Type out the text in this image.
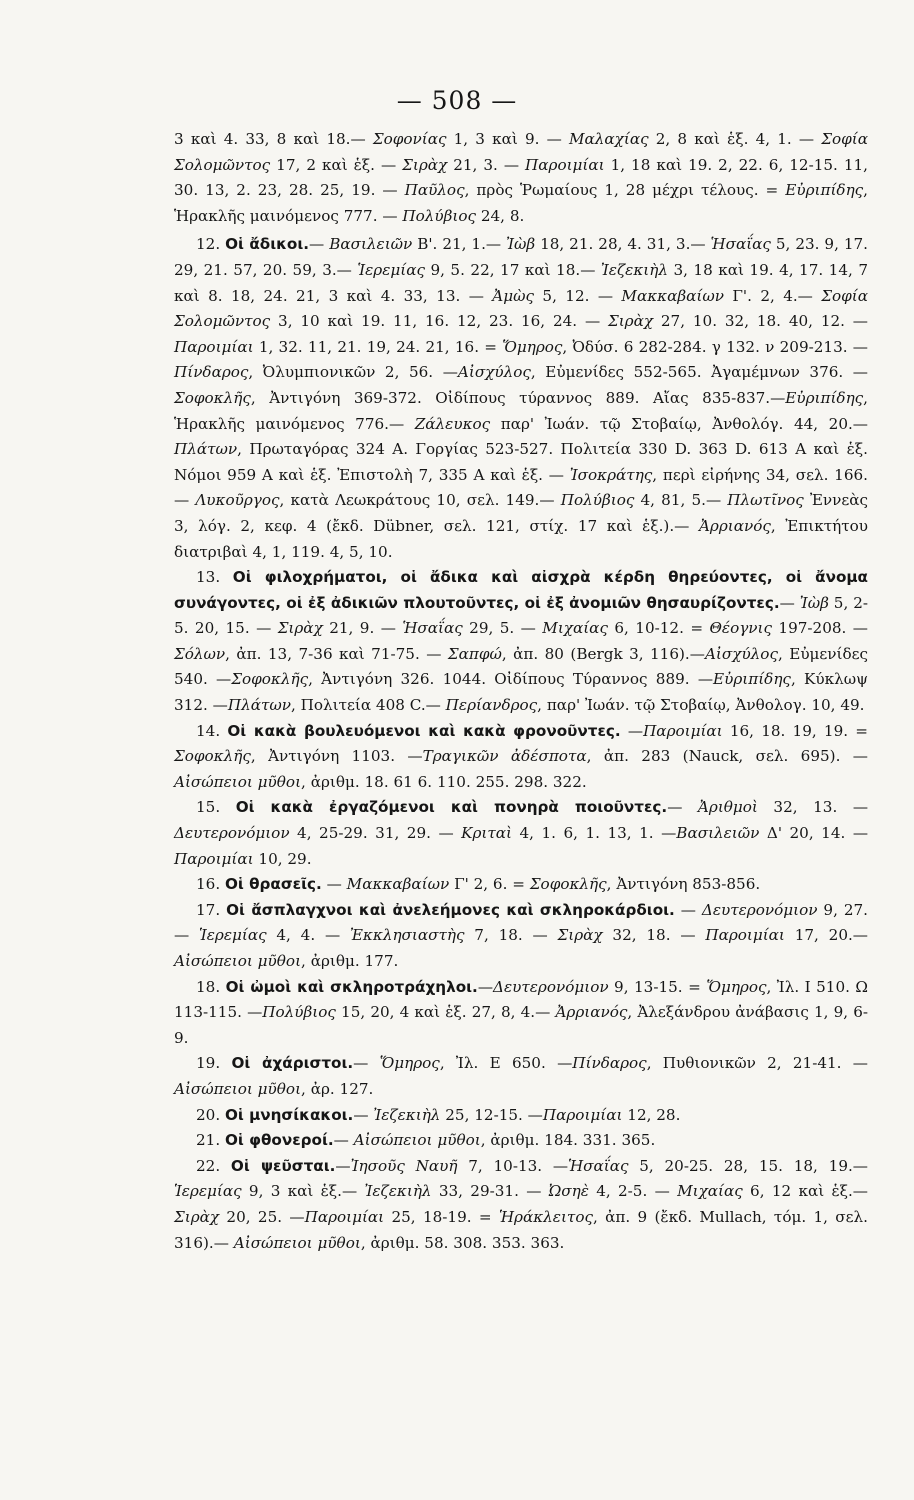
— 508 —

3 καὶ 4. 33, 8 καὶ 18.— Σοφονίας 1, 3 καὶ 9. — Μαλαχίας 2, 8 καὶ ἑξ. 4, 1. — Σοφία Σολομῶντος 17, 2 καὶ ἑξ. — Σιρὰχ 21, 3. — Παροιμίαι 1, 18 καὶ 19. 2, 22. 6, 12-15. 11, 30. 13, 2. 23, 28. 25, 19. — Παῦλος, πρὸς Ῥωμαίους 1, 28 μέχρι τέλους. = Εὐριπίδης, Ἡρακλῆς μαινόμενος 777. — Πολύβιος 24, 8.

12. Οἱ ἄδικοι.— Βασιλειῶν Β'. 21, 1.— Ἰὼβ 18, 21. 28, 4. 31, 3.— Ἡσαΐας 5, 23. 9, 17. 29, 21. 57, 20. 59, 3.— Ἱερεμίας 9, 5. 22, 17 καὶ 18.— Ἰεζεκιὴλ 3, 18 καὶ 19. 4, 17. 14, 7 καὶ 8. 18, 24. 21, 3 καὶ 4. 33, 13. — Ἀμὼς 5, 12. — Μακκαβαίων Γ'. 2, 4.— Σοφία Σολομῶντος 3, 10 καὶ 19. 11, 16. 12, 23. 16, 24. — Σιρὰχ 27, 10. 32, 18. 40, 12. — Παροιμίαι 1, 32. 11, 21. 19, 24. 21, 16. = Ὅμηρος, Ὀδύσ. 6 282-284. γ 132. ν 209-213. — Πίνδαρος, Ὀλυμπιονικῶν 2, 56. —Αἰσχύλος, Εὐμενίδες 552-565. Ἀγαμέμνων 376. — Σοφοκλῆς, Ἀντιγόνη 369-372. Οἰδίπους τύραννος 889. Αἴας 835-837.—Εὐριπίδης, Ἡρακλῆς μαινόμενος 776.— Ζάλευκος παρ' Ἰωάν. τῷ Στοβαίῳ, Ἀνθολόγ. 44, 20.—Πλάτων, Πρωταγόρας 324 A. Γοργίας 523-527. Πολιτεία 330 D. 363 D. 613 A καὶ ἑξ. Νόμοι 959 A καὶ ἑξ. Ἐπιστολὴ 7, 335 A καὶ ἑξ. — Ἰσοκράτης, περὶ εἰρήνης 34, σελ. 166. — Λυκοῦργος, κατὰ Λεωκράτους 10, σελ. 149.— Πολύβιος 4, 81, 5.— Πλωτῖνος Ἐννεὰς 3, λόγ. 2, κεφ. 4 (ἔκδ. Dübner, σελ. 121, στίχ. 17 καὶ ἑξ.).— Ἀρριανός, Ἐπικτήτου διατριβαὶ 4, 1, 119. 4, 5, 10.

13. Οἱ φιλοχρήματοι, οἱ ἄδικα καὶ αἰσχρὰ κέρδη θηρεύοντες, οἱ ἄνομα συνάγοντες, οἱ ἐξ ἀδικιῶν πλουτοῦντες, οἱ ἐξ ἀνομιῶν θησαυρίζοντες.— Ἰὼβ 5, 2-5. 20, 15. — Σιρὰχ 21, 9. — Ἡσαΐας 29, 5. — Μιχαίας 6, 10-12. = Θέογνις 197-208. —Σόλων, ἀπ. 13, 7-36 καὶ 71-75. — Σαπφώ, ἀπ. 80 (Bergk 3, 116).—Αἰσχύλος, Εὐμενίδες 540. —Σοφοκλῆς, Ἀντιγόνη 326. 1044. Οἰδίπους Τύραννος 889. —Εὐριπίδης, Κύκλωψ 312. —Πλάτων, Πολιτεία 408 C.— Περίανδρος, παρ' Ἰωάν. τῷ Στοβαίῳ, Ἀνθολογ. 10, 49.

14. Οἱ κακὰ βουλευόμενοι καὶ κακὰ φρονοῦντες. —Παροιμίαι 16, 18. 19, 19. = Σοφοκλῆς, Ἀντιγόνη 1103. —Τραγικῶν ἀδέσποτα, ἀπ. 283 (Nauck, σελ. 695). — Αἰσώπειοι μῦθοι, ἀριθμ. 18. 61 6. 110. 255. 298. 322.

15. Οἱ κακὰ ἐργαζόμενοι καὶ πονηρὰ ποιοῦντες.— Ἀριθμοὶ 32, 13. —Δευτερονόμιον 4, 25-29. 31, 29. — Κριταὶ 4, 1. 6, 1. 13, 1. —Βασιλειῶν Δ' 20, 14. —Παροιμίαι 10, 29.

16. Οἱ θρασεῖς. — Μακκαβαίων Γ' 2, 6. = Σοφοκλῆς, Ἀντιγόνη 853-856.

17. Οἱ ἄσπλαγχνοι καὶ ἀνελεήμονες καὶ σκληροκάρδιοι. — Δευτερονόμιον 9, 27. — Ἱερεμίας 4, 4. — Ἐκκλησιαστὴς 7, 18. — Σιρὰχ 32, 18. — Παροιμίαι 17, 20.— Αἰσώπειοι μῦθοι, ἀριθμ. 177.

18. Οἱ ὠμοὶ καὶ σκληροτράχηλοι.—Δευτερονόμιον 9, 13-15. = Ὅμηρος, Ἰλ. I 510. Ω 113-115. —Πολύβιος 15, 20, 4 καὶ ἑξ. 27, 8, 4.— Ἀρριανός, Ἀλεξάνδρου ἀνάβασις 1, 9, 6-9.

19. Οἱ ἀχάριστοι.— Ὅμηρος, Ἰλ. E 650. —Πίνδαρος, Πυθιονικῶν 2, 21-41. —Αἰσώπειοι μῦθοι, ἀρ. 127.

20. Οἱ μνησίκακοι.— Ἰεζεκιὴλ 25, 12-15. —Παροιμίαι 12, 28.

21. Οἱ φθονεροί.— Αἰσώπειοι μῦθοι, ἀριθμ. 184. 331. 365.

22. Οἱ ψεῦσται.—Ἰησοῦς Ναυῆ 7, 10-13. —Ἡσαΐας 5, 20-25. 28, 15. 18, 19.— Ἱερεμίας 9, 3 καὶ ἑξ.— Ἰεζεκιὴλ 33, 29-31. — Ὠσηὲ 4, 2-5. — Μιχαίας 6, 12 καὶ ἑξ.—Σιρὰχ 20, 25. —Παροιμίαι 25, 18-19. = Ἡράκλειτος, ἀπ. 9 (ἔκδ. Mullach, τόμ. 1, σελ. 316).— Αἰσώπειοι μῦθοι, ἀριθμ. 58. 308. 353. 363.
